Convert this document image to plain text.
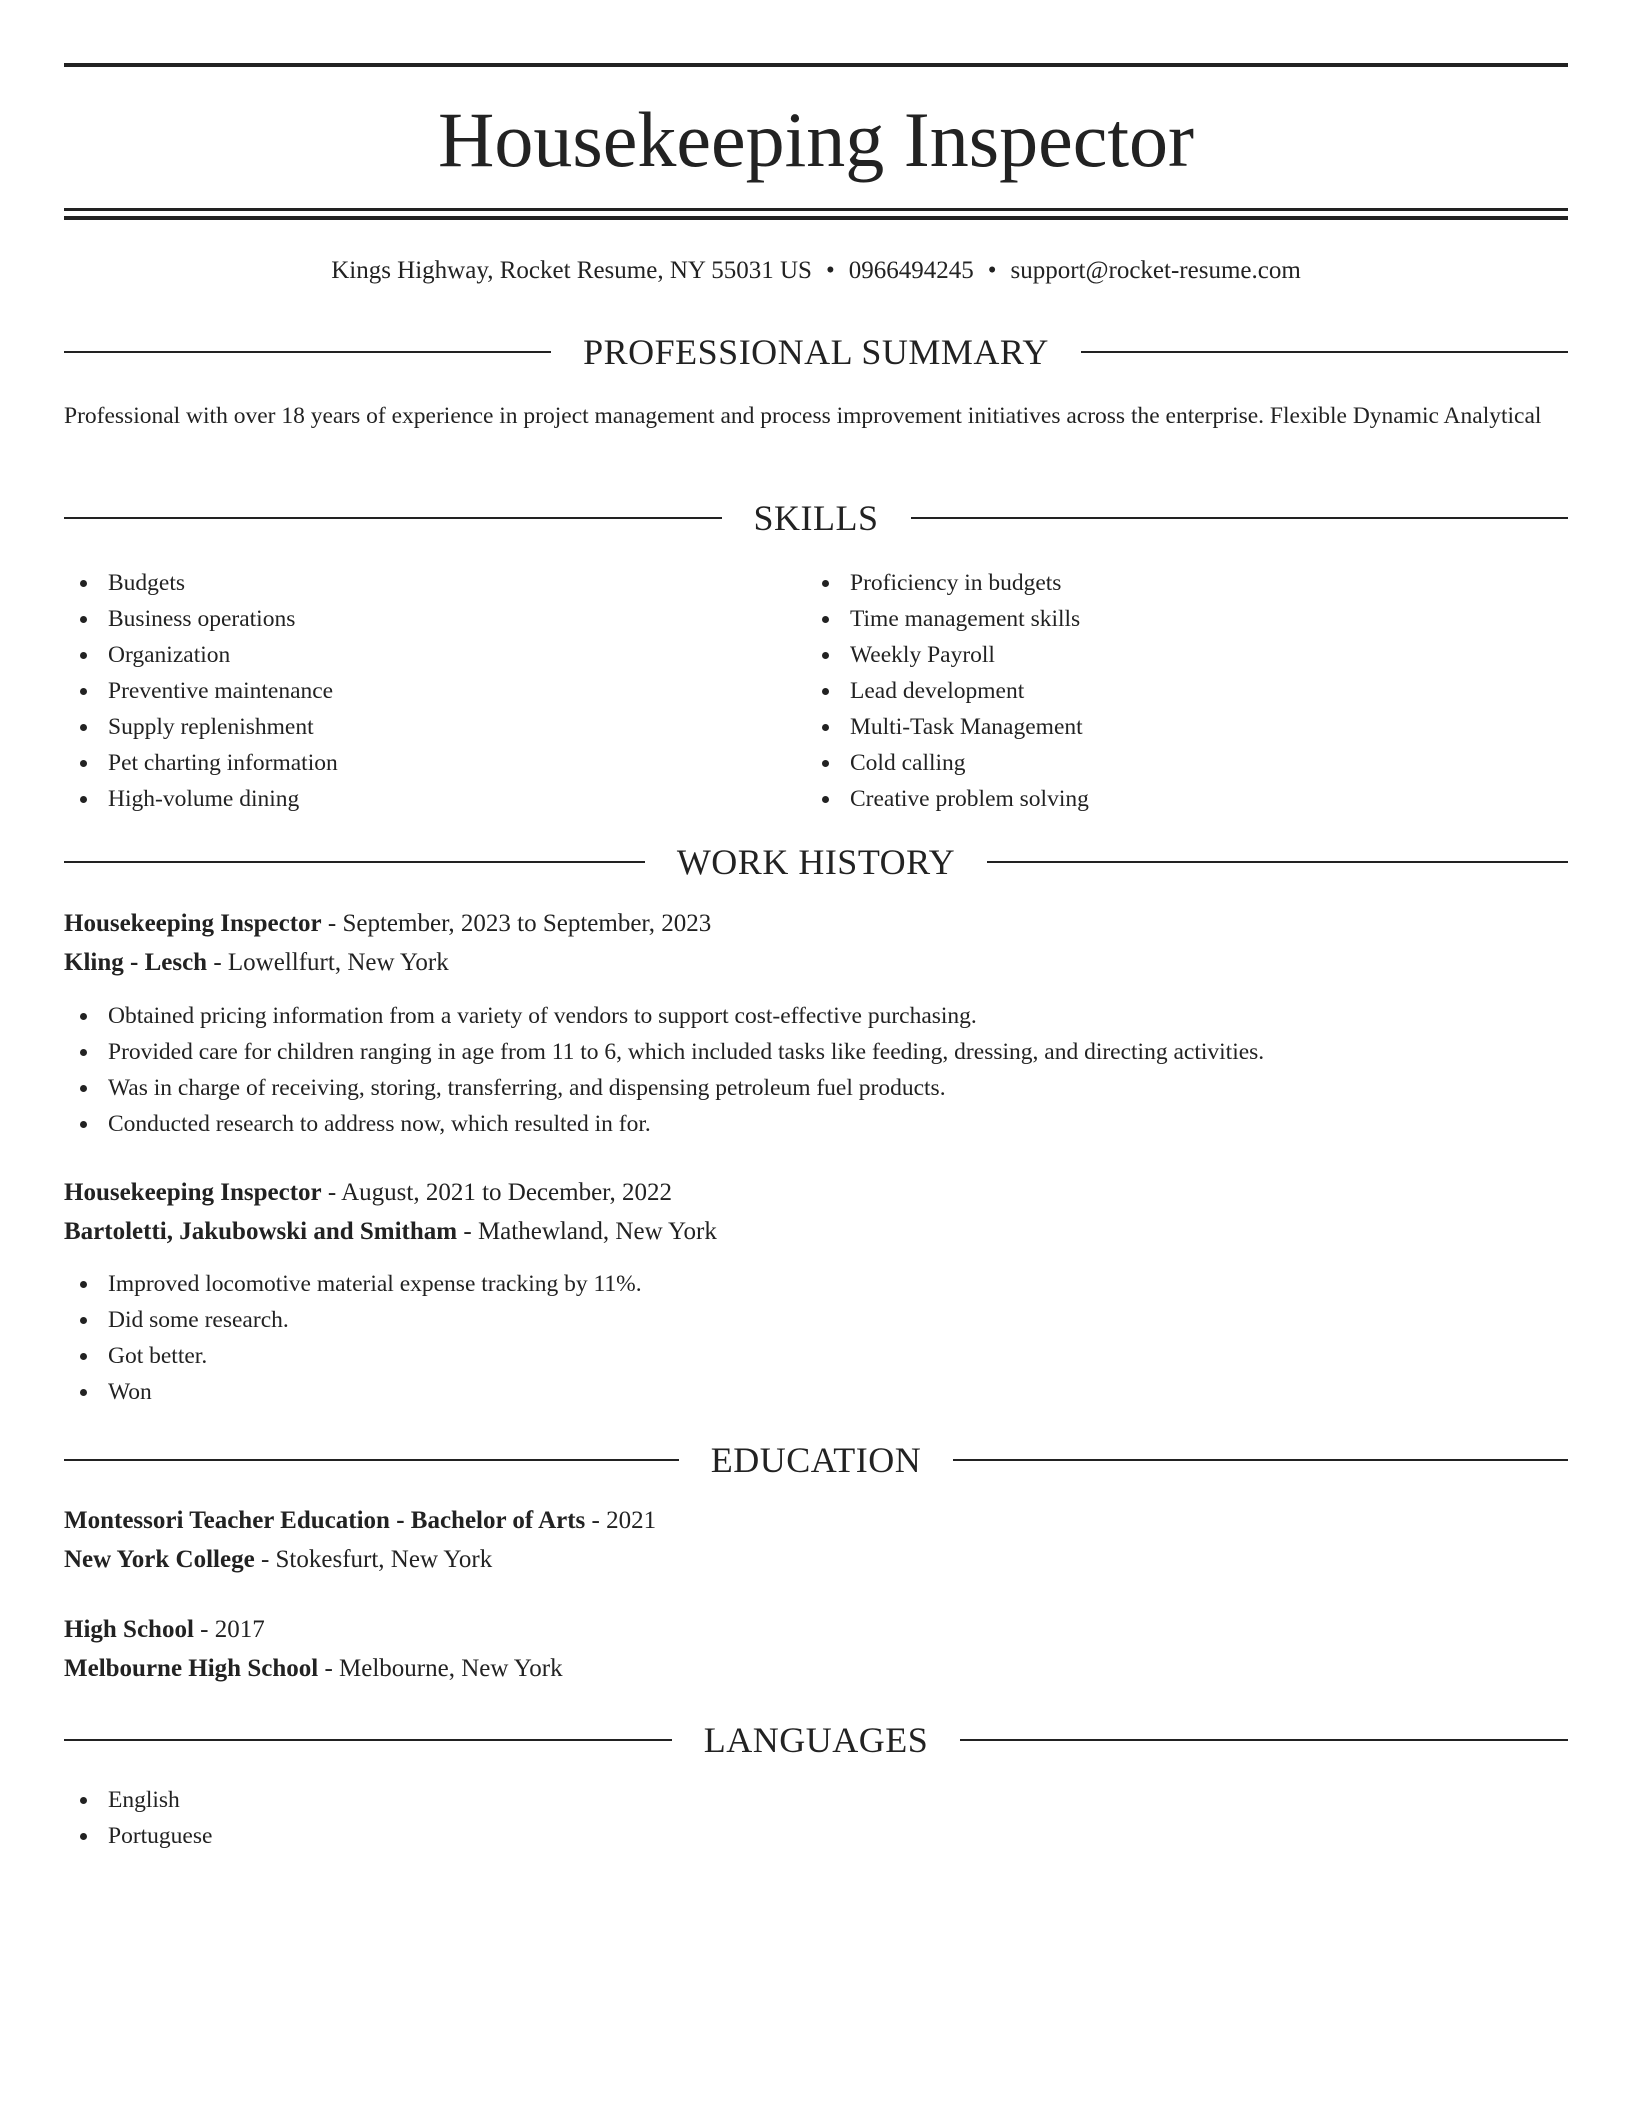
Housekeeping Inspector
Kings Highway, Rocket Resume, NY 55031 US • 0966494245 • support@rocket-resume.com
PROFESSIONAL SUMMARY
Professional with over 18 years of experience in project management and process improvement initiatives across the enterprise. Flexible Dynamic Analytical
SKILLS
Budgets
Business operations
Organization
Preventive maintenance
Supply replenishment
Pet charting information
High-volume dining
Proficiency in budgets
Time management skills
Weekly Payroll
Lead development
Multi-Task Management
Cold calling
Creative problem solving
WORK HISTORY
Housekeeping Inspector - September, 2023 to September, 2023
Kling - Lesch - Lowellfurt, New York
Obtained pricing information from a variety of vendors to support cost-effective purchasing.
Provided care for children ranging in age from 11 to 6, which included tasks like feeding, dressing, and directing activities.
Was in charge of receiving, storing, transferring, and dispensing petroleum fuel products.
Conducted research to address now, which resulted in for.
Housekeeping Inspector - August, 2021 to December, 2022
Bartoletti, Jakubowski and Smitham - Mathewland, New York
Improved locomotive material expense tracking by 11%.
Did some research.
Got better.
Won
EDUCATION
Montessori Teacher Education - Bachelor of Arts - 2021
New York College - Stokesfurt, New York
High School - 2017
Melbourne High School - Melbourne, New York
LANGUAGES
English
Portuguese
